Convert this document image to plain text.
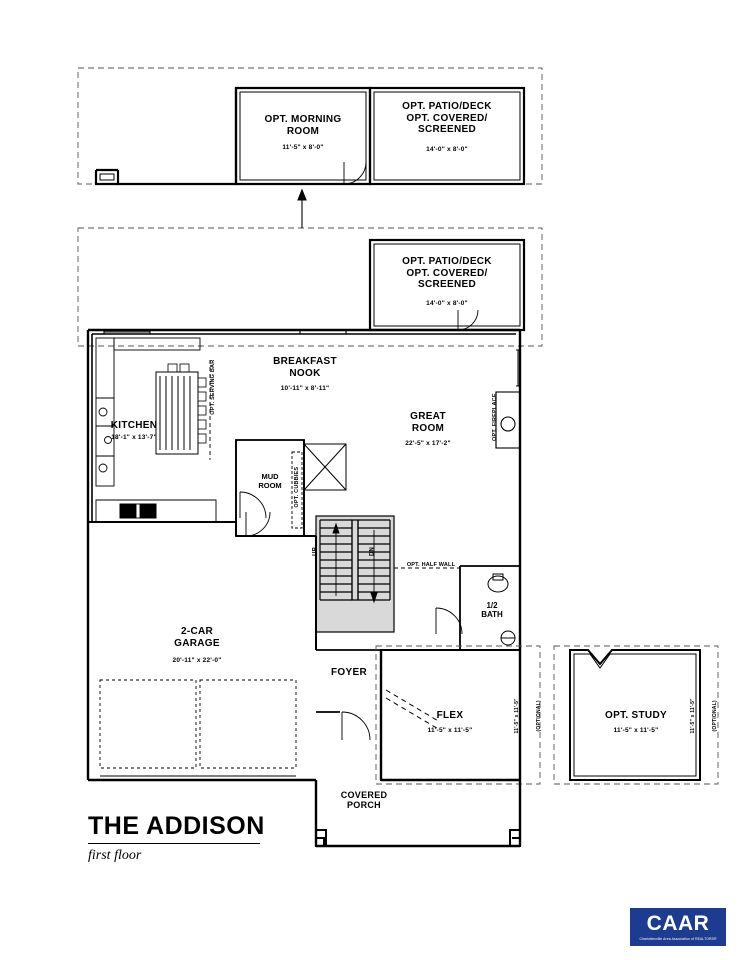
OPT. MORNING
ROOM
11'-5" x 8'-0"
OPT. PATIO/DECK
OPT. COVERED/
SCREENED
14'-0" x 8'-0"
OPT. PATIO/DECK
OPT. COVERED/
SCREENED
14'-0" x 8'-0"
BREAKFAST
NOOK
10'-11" x 8'-11"
KITCHEN
18'-1" x 13'-7"
GREAT
ROOM
22'-5" x 17'-2"
MUD
ROOM
2-CAR
GARAGE
20'-11" x 22'-0"
1/2
BATH
FOYER
FLEX
11'-5" x 11'-5"
OPT. STUDY
11'-5" x 11'-5"
COVERED
PORCH
OPT. SERVING BAR
OPT. CUBBIES
OPT. FIREPLACE
OPT. HALF WALL
UP	DN
(OPTIONAL)	(OPTIONAL)
11'-5" x 11'-5"	11'-5" x 11'-5"
THE ADDISON
first floor
CAAR
Charlottesville Area Association of REALTORS®
